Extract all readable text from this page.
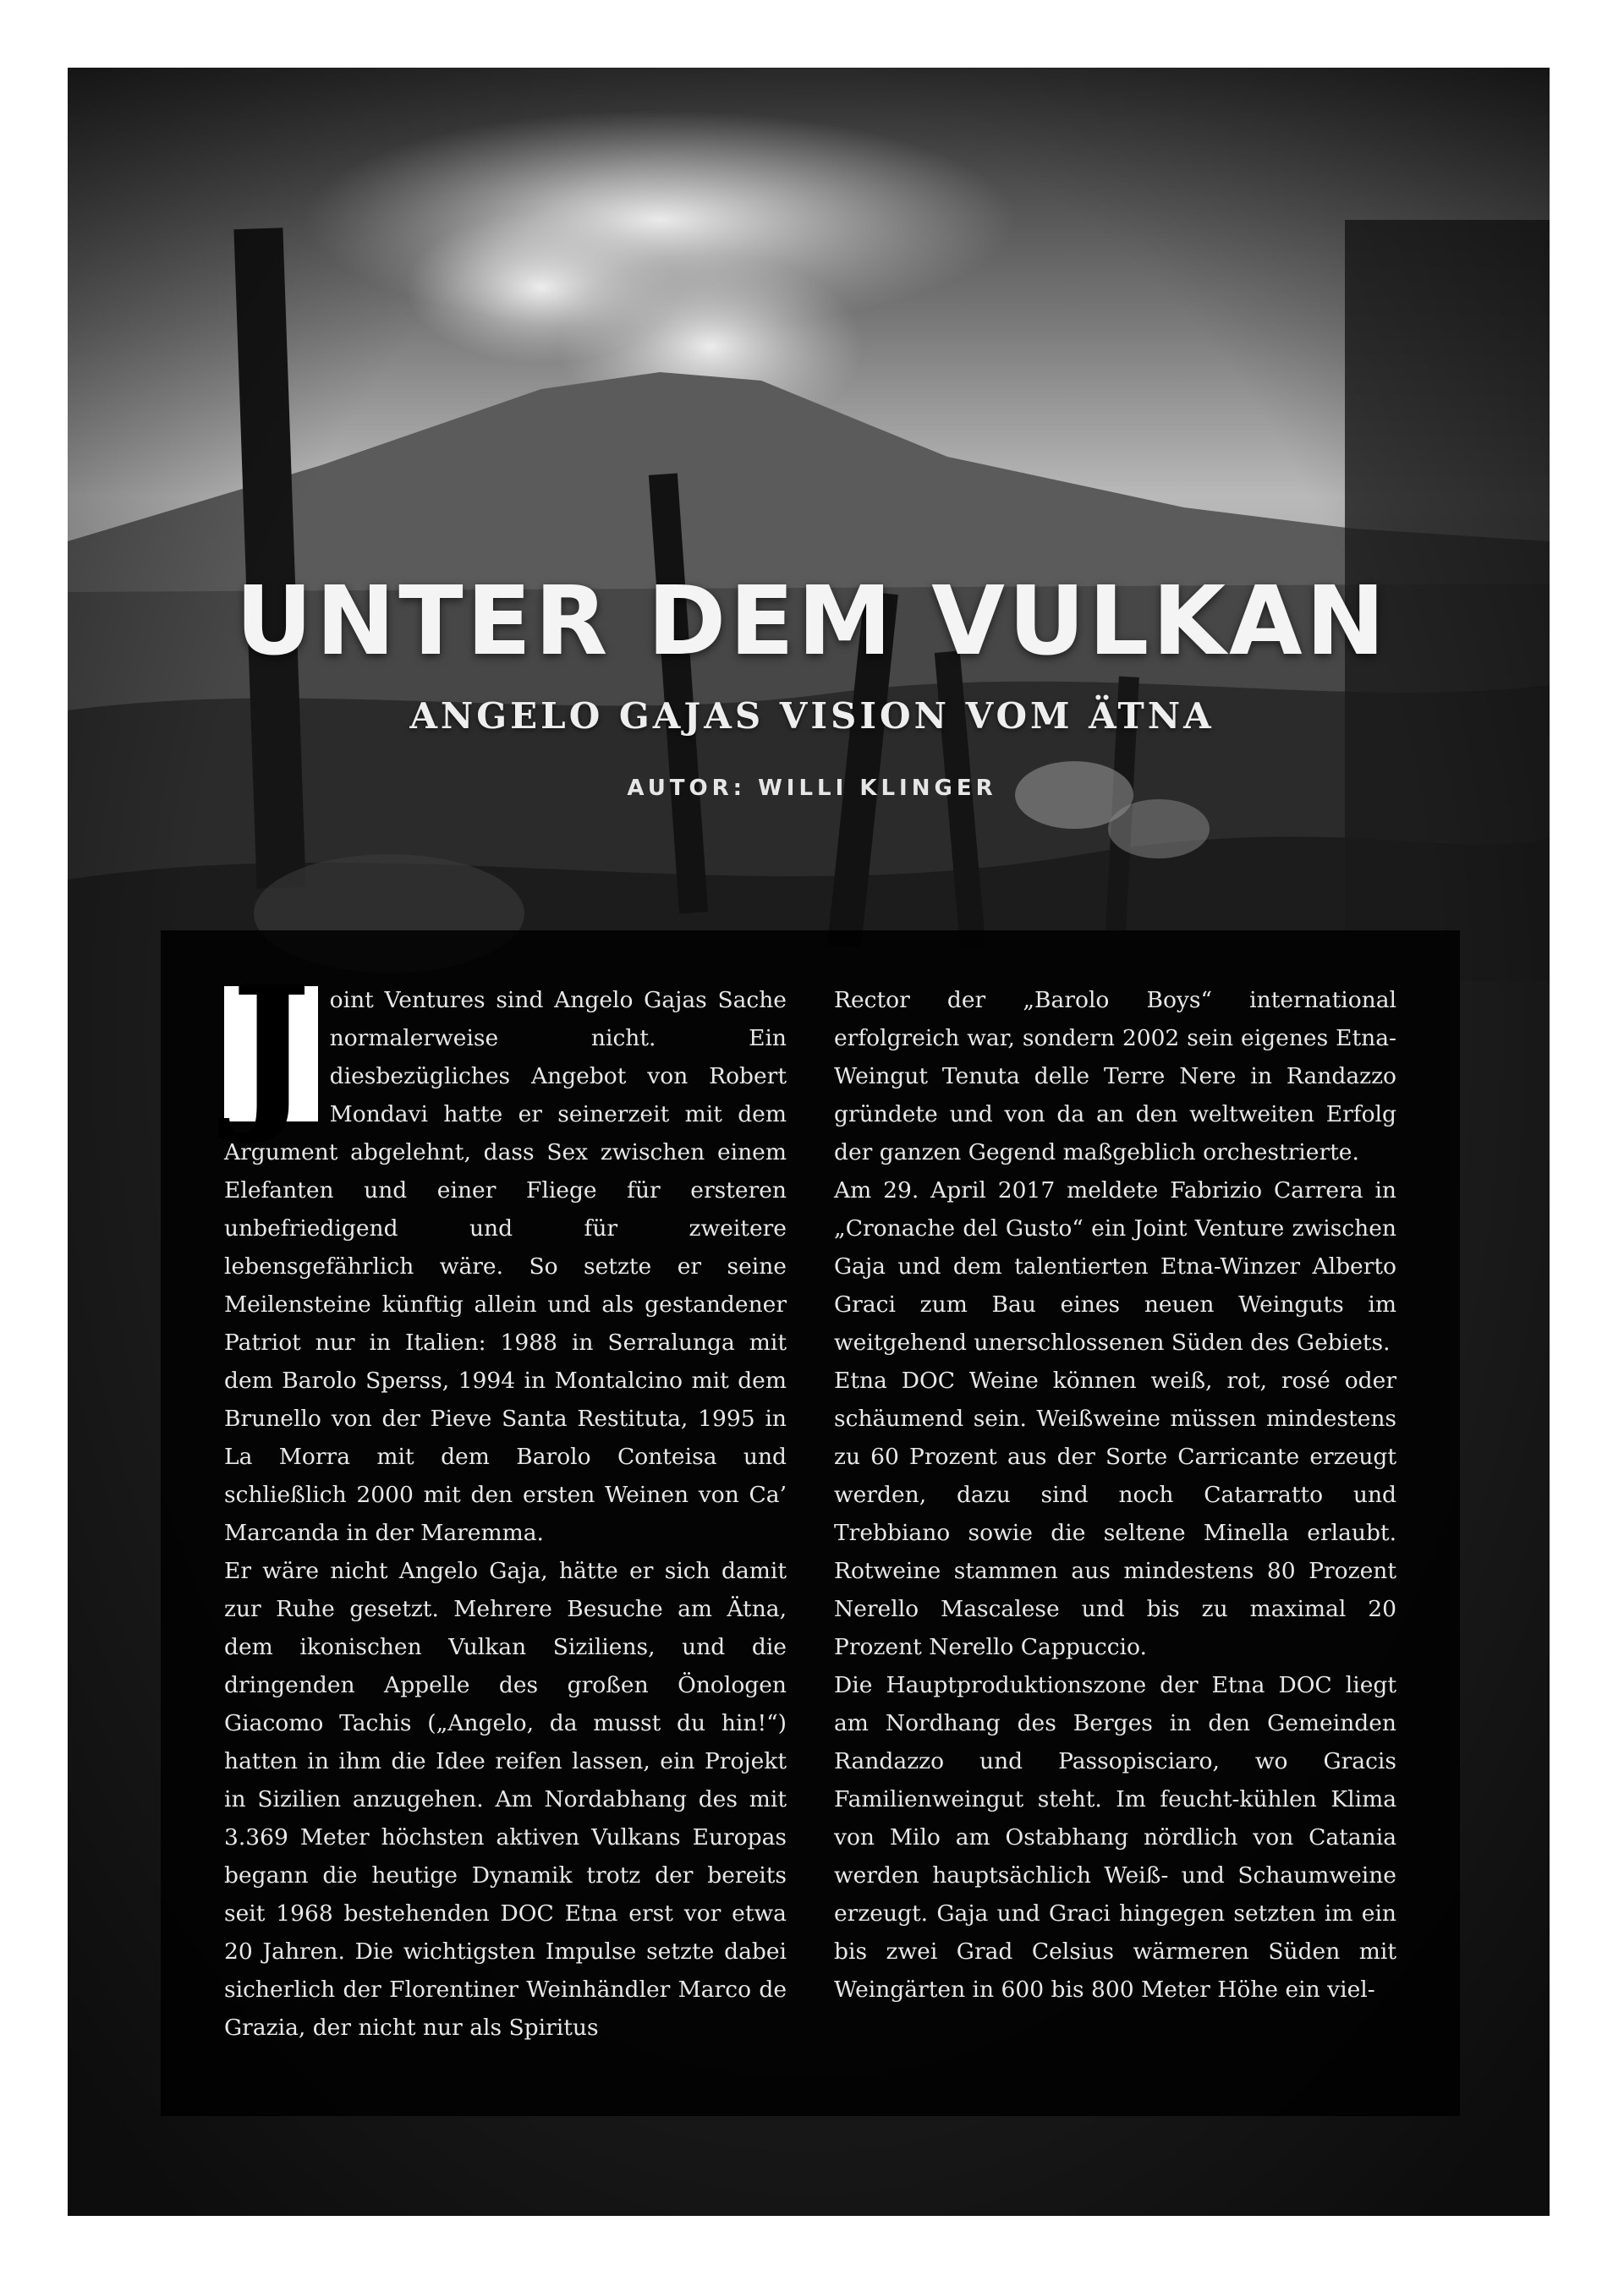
UNTER DEM VULKAN
ANGELO GAJAS VISION VOM ÄTNA
AUTOR: WILLI KLINGER

J oint Ventures sind Angelo Gajas Sache normalerweise nicht. Ein diesbezügliches Angebot von Robert Mondavi hatte er seinerzeit mit dem Argument abgelehnt, dass Sex zwischen einem Elefanten und einer Fliege für ersteren unbefriedigend und für zweitere lebensgefährlich wäre. So setzte er seine Meilensteine künftig allein und als gestandener Patriot nur in Italien: 1988 in Serralunga mit dem Barolo Sperss, 1994 in Montalcino mit dem Brunello von der Pieve Santa Restituta, 1995 in La Morra mit dem Barolo Conteisa und schließlich 2000 mit den ersten Weinen von Ca’ Marcanda in der Maremma.

Er wäre nicht Angelo Gaja, hätte er sich damit zur Ruhe gesetzt. Mehrere Besuche am Ätna, dem ikonischen Vulkan Siziliens, und die dringenden Appelle des großen Önologen Giacomo Tachis („Angelo, da musst du hin!“) hatten in ihm die Idee reifen lassen, ein Projekt in Sizilien anzugehen. Am Nordabhang des mit 3.369 Meter höchsten aktiven Vulkans Europas begann die heutige Dynamik trotz der bereits seit 1968 bestehenden DOC Etna erst vor etwa 20 Jahren. Die wichtigsten Impulse setzte dabei sicherlich der Florentiner Weinhändler Marco de Grazia, der nicht nur als Spiritus

Rector der „Barolo Boys“ international erfolgreich war, sondern 2002 sein eigenes Etna-Weingut Tenuta delle Terre Nere in Randazzo gründete und von da an den weltweiten Erfolg der ganzen Gegend maßgeblich orchestrierte.

Am 29. April 2017 meldete Fabrizio Carrera in „Cronache del Gusto“ ein Joint Venture zwischen Gaja und dem talentierten Etna-Winzer Alberto Graci zum Bau eines neuen Weinguts im weitgehend unerschlossenen Süden des Gebiets.

Etna DOC Weine können weiß, rot, rosé oder schäumend sein. Weißweine müssen mindestens zu 60 Prozent aus der Sorte Carricante erzeugt werden, dazu sind noch Catarratto und Trebbiano sowie die seltene Minella erlaubt. Rotweine stammen aus mindestens 80 Prozent Nerello Mascalese und bis zu maximal 20 Prozent Nerello Cappuccio.

Die Hauptproduktionszone der Etna DOC liegt am Nordhang des Berges in den Gemeinden Randazzo und Passopisciaro, wo Gracis Familienweingut steht. Im feucht-kühlen Klima von Milo am Ostabhang nördlich von Catania werden hauptsächlich Weiß- und Schaumweine erzeugt. Gaja und Graci hingegen setzten im ein bis zwei Grad Celsius wärmeren Süden mit Weingärten in 600 bis 800 Meter Höhe ein viel-
